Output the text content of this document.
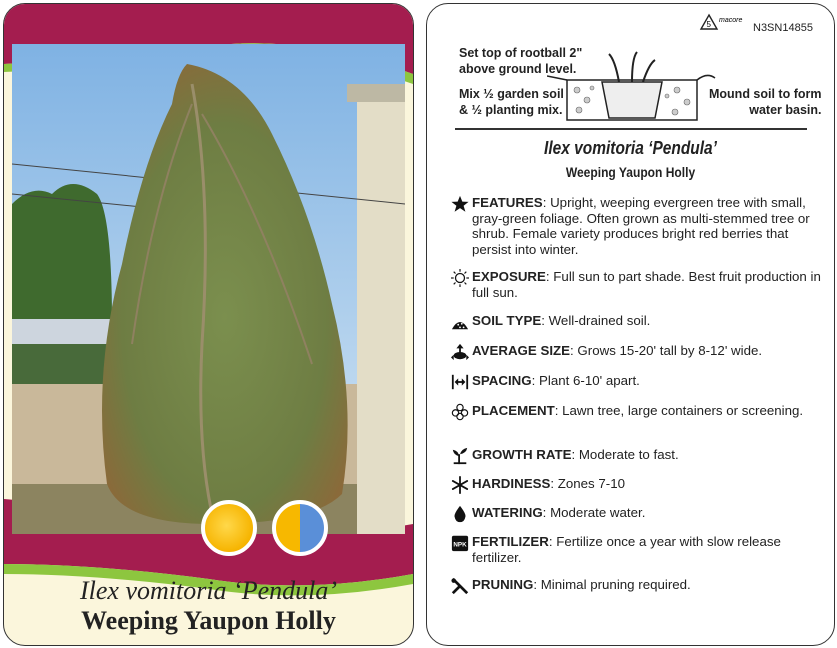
Ilex vomitoria ‘Pendula’
Weeping Yaupon Holly
5 macore
N3SN14855
Set top of rootball 2"
above ground level.
Mix ½ garden soil
& ½ planting mix.
Mound soil to form
water basin.
Ilex vomitoria ‘Pendula’
Weeping Yaupon Holly
FEATURES: Upright, weeping evergreen tree with small, gray-green foliage. Often grown as multi-stemmed tree or shrub. Female variety produces bright red berries that persist into winter.
EXPOSURE: Full sun to part shade. Best fruit production in full sun.
SOIL TYPE: Well-drained soil.
AVERAGE SIZE: Grows 15-20' tall by 8-12' wide.
SPACING: Plant 6-10' apart.
PLACEMENT: Lawn tree, large containers or screening.
GROWTH RATE: Moderate to fast.
HARDINESS: Zones 7-10
WATERING: Moderate water.
NPK FERTILIZER: Fertilize once a year with slow release fertilizer.
PRUNING: Minimal pruning required.
